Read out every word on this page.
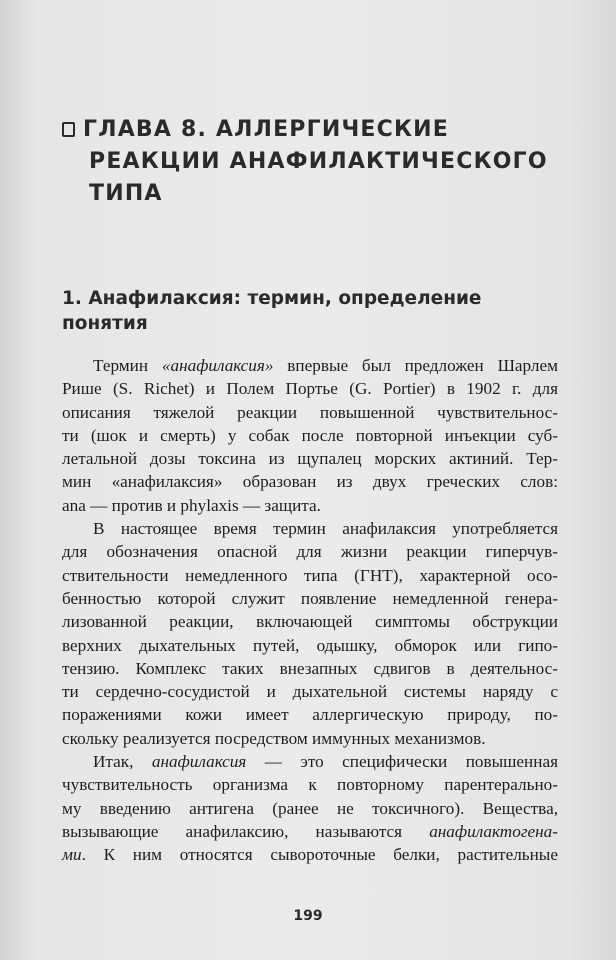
ГЛАВА 8. АЛЛЕРГИЧЕСКИЕ
РЕАКЦИИ АНАФИЛАКТИЧЕСКОГО
ТИПА
1. Анафилаксия: термин, определение
понятия
Термин «анафилаксия» впервые был предложен Шарлем
Рише (S. Richet) и Полем Портье (G. Portier) в 1902 г. для
описания тяжелой реакции повышенной чувствительнос-
ти (шок и смерть) у собак после повторной инъекции суб-
летальной дозы токсина из щупалец морских актиний. Тер-
мин «анафилаксия» образован из двух греческих слов:
ana — против и phylaxis — защита.
В настоящее время термин анафилаксия употребляется
для обозначения опасной для жизни реакции гиперчув-
ствительности немедленного типа (ГНТ), характерной осо-
бенностью которой служит появление немедленной генера-
лизованной реакции, включающей симптомы обструкции
верхних дыхательных путей, одышку, обморок или гипо-
тензию. Комплекс таких внезапных сдвигов в деятельнос-
ти сердечно-сосудистой и дыхательной системы наряду с
поражениями кожи имеет аллергическую природу, по-
скольку реализуется посредством иммунных механизмов.
Итак, анафилаксия — это специфически повышенная
чувствительность организма к повторному парентерально-
му введению антигена (ранее не токсичного). Вещества,
вызывающие анафилаксию, называются анафилактогена-
ми. К ним относятся сывороточные белки, растительные
199
